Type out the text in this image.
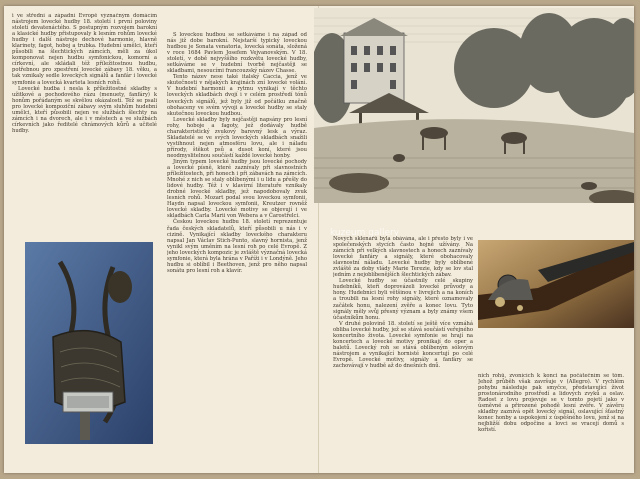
i ve střední a západní Evropě význačným domácím nástrojem lovecké hudby 18. století i první poloviny století devatenáctého. S postupným rozvojem barokní a klasické hudby přistupovaly k lesním rohům lovecké hudby i další nástroje dechové harmonie, hlavně klarinety, fagot, hoboj a trubka. Hudební umělci, kteří působili na šlechtických zámcích, měli za úkol komponovat nejen hudbu symfonickou, komorní a církevní, ale skládali též příležitostnou hudbu, potřebnou pro zpestření lovecké zábavy 18. věku, a tak vznikaly sedle loveckých signálů a fanfár i lovecké symfonie a lovecká kvarteta lesních rohů.

Lovecké hudba i nesla k příležitostné skladby s užitkové a pochodového rázu (menuety, fanfáry) k honům pořádaným se skvělou okázalostí. Též se psali pro lovecké kompoziční zábavy svým sluhům hudební umělci, kteří působili nejen ve službách šlechty na zámcích i na dvorech, ale i v městech a ve službách církevních jako ředitelé chrámových kůrů a učitelé hudby.

S loveckou hudbou se setkáváme i na západ od nás již dobe barokní. Nejstarší typický loveckou hudbou je Sonata venatoria, lovecká sonáta, složená v roce 1684 Pavlem Josefem Vejvanovským. V 18. století, v době nejvyššího rozkvětu lovecké hudby, setkáváme se v hudební tvorbě nejčastěji se skladbami, nesoucími francouzský název Chasse.

Tento název nese také italský Caccia, jenž ve skutečnosti v nějakých krajinách zní lovecké volání. V hudební harmonii a rytmu vynikají v těchto loveckých skladbách dvojí i v celém prostředí tónů loveckých signálů, jež byly již od počátku značně obohaceny ve svém vývoji a lovecké hudby se staly skutečnou loveckou hudbou.

Lovecké skladby byly nejčastěji napsány pro lesní rohy, hoboje a fagoty, jež dodávaly hudbě charakteristický zvukový barevný lesk a výraz. Skladatelé se ve svých loveckých skladbách snažili vystihnout nejen atmosféru lovu, ale i náladu přírody, štěkot psů a dusot koní, které jsou neodmyslitelnou součástí každé lovecké honby.

Jiným typem lovecké hudby jsou lovecké pochody a lovecké písně, které zaznívaly při slavnostních příležitostech, při honech i při zábavách na zámcích. Mnohé z nich se staly oblíbenými i u lidu a přešly do lidové hudby. Též i v klavírní literatuře vznikaly drobné lovecké skladby, jež napodobovaly zvuk lesních rohů. Mozart podal svou loveckou symfonii, Haydn napsal loveckou symfonii, Kreutzer rovněž lovecké skladby. Lovecké motivy se objevují i ve skladbách Carla Marii von Webera a v Čarostřelci.

Českou loveckou hudbu 18. století reprezentuje řada českých skladatelů, kteří působili u nás i v cizině. Vynikající skladby loveckého charakteru napsal Jan Václav Stich-Punto, slavný hornista, jenž vynikl svým uměním na lesní roh po celé Evropě. Z jeho loveckých kompozic je zvláště význačná lovecká symfonie, která byla hrána v Paříži i v Londýně. Jeho hudbu si oblíbil i Beethoven, jenž pro něho napsal sonátu pro lesní roh a klavír.

Nových sklenářů byla obávána, ale i přesto byly i ve společenských stycích často hojně užívány. Na zámcích při velkých slavnostech a honech zaznívaly lovecké fanfáry a signály, které obohacovaly slavnostní náladu. Lovecké hudby byly oblíbené zvláště za doby vlády Marie Terezie, kdy se lov stal jedním z nejoblíbenějších šlechtických zábav.

Lovecké hudby se účastnily celé skupiny hudebníků, kteří doprovázeli lovecké průvody a hony. Hudebníci byli většinou v livrejích a na koních a troubili na lesní rohy signály, které oznamovaly začátek honu, nalezení zvěře a konec lovu. Tyto signály měly svůj přesný význam a byly známy všem účastníkům honu.

V druhé polovině 18. století se ještě více vzmáhá obliba lovecké hudby, jež se stává součástí veřejného koncertního života. Lovecké symfonie se hrají na koncertech a lovecké motivy pronikají do oper a baletů. Lovecký roh se stává oblíbeným sólovým nástrojem a vynikající hornisté koncertují po celé Evropě. Lovecké motivy, signály a fanfáry se zachovávají v hudbě až do dnešních dnů.

nich rohů, zvonících k konci na počátečním se tóm. Jehož průběh však završuje v (Allegro). V rychlém pohybu následuje pak smyčce, představující život prostonárodního prostředí a lidových zvyků a oslav. Radost z lovu projevuje se v tomto pojetí jako v úsměvné a přirozené pohodě lesní zvěře. V závěru skladby zaznívá opět lovecký signál, oslavující šťastný konec honby a uspokojení z úspěšného lovu, jenž si na nejbližší dobu odpočine a lovci se vracejí domů s kořistí.

kuzeum gallery
